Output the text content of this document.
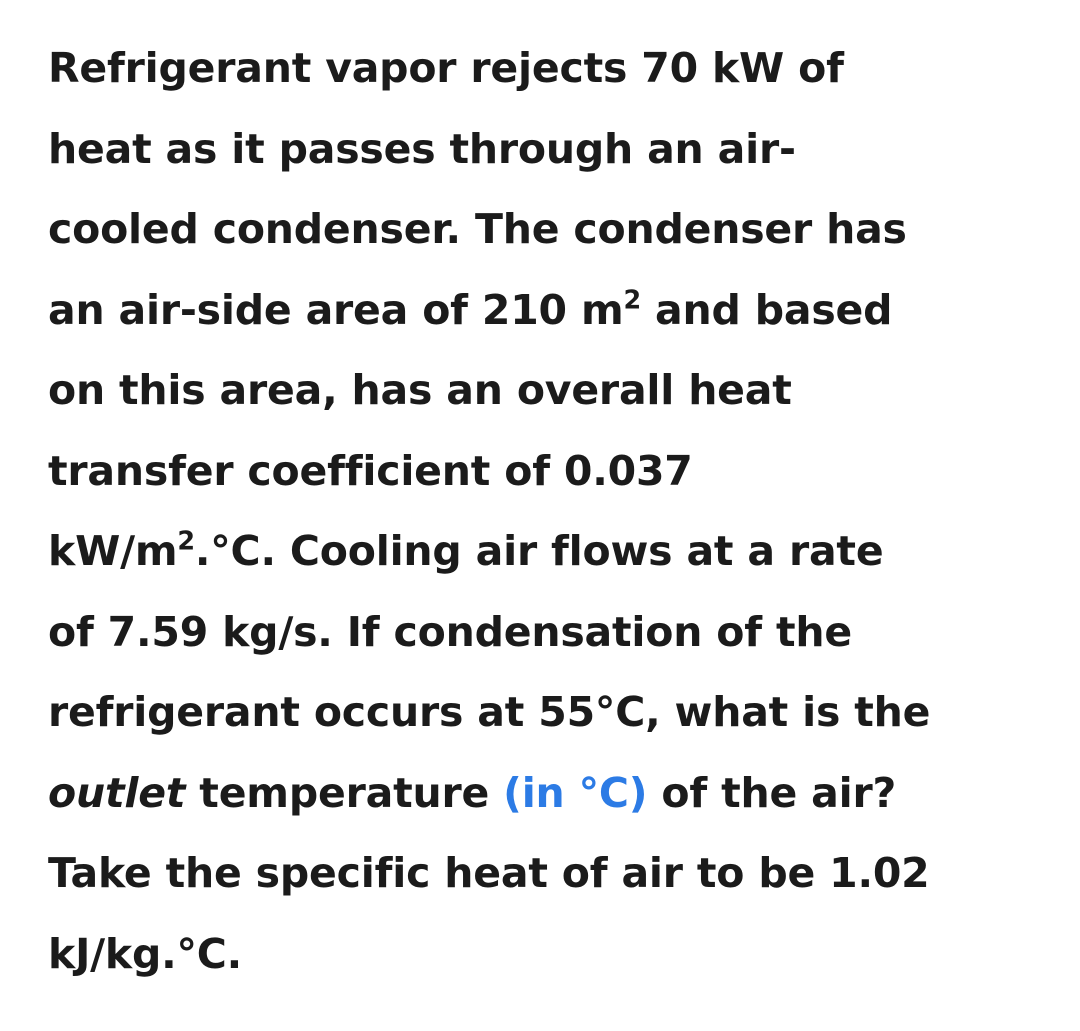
Refrigerant vapor rejects 70 kW of
heat as it passes through an air-
cooled condenser. The condenser has
an air-side area of 210 $m^2$ and based
on this area, has an overall heat
transfer coefficient of 0.037
$kW/m^2.^\circ C$. Cooling air flows at a rate
of 7.59 kg/s. If condensation of the
refrigerant occurs at 55°C, what is the
outlet temperature (in °C) of the air?
Take the specific heat of air to be 1.02
kJ/kg.°C.
